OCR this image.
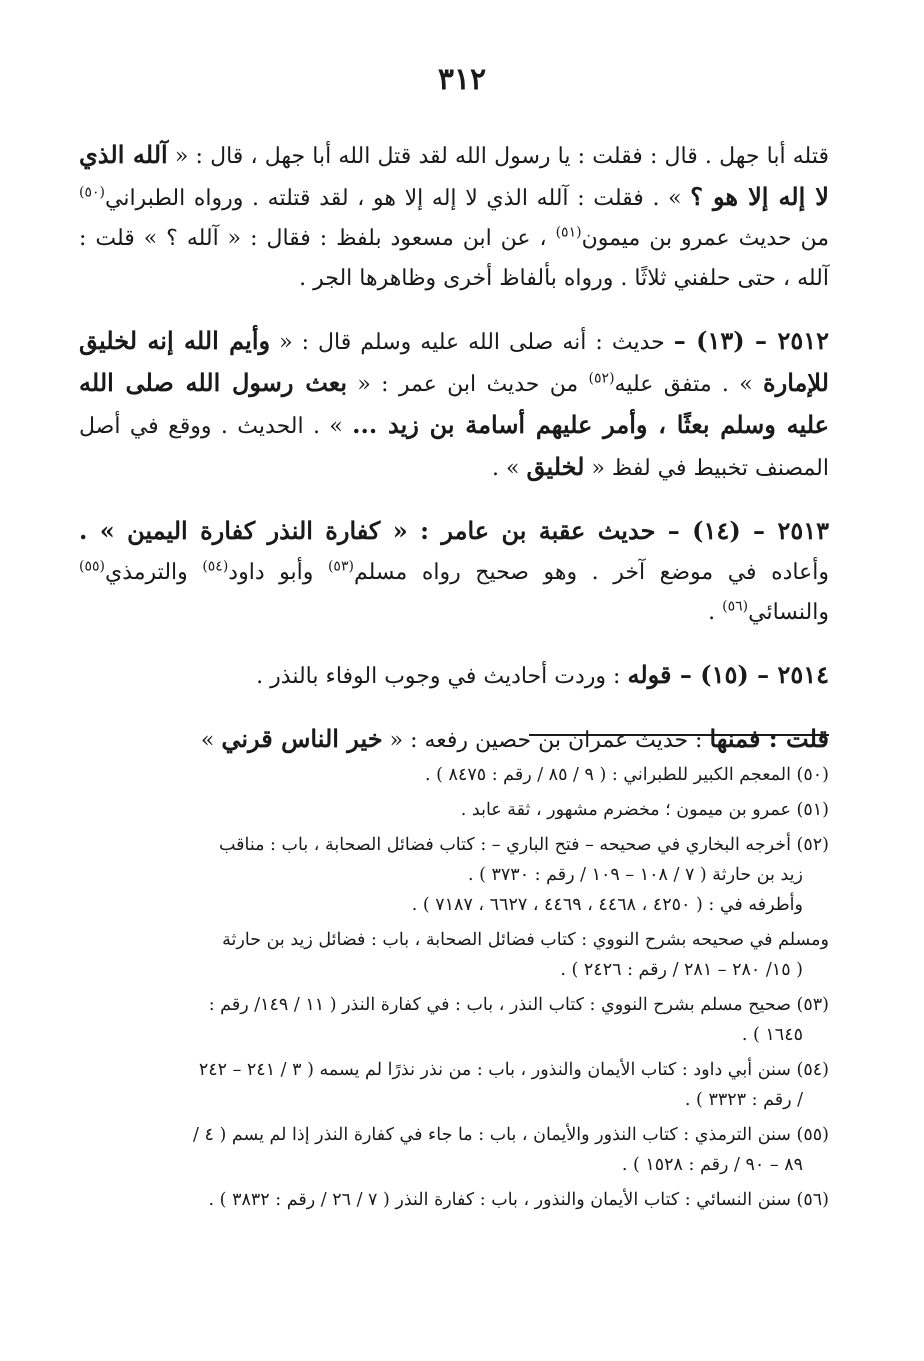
٣١٢

قتله أبا جهل . قال : فقلت : يا رسول الله لقد قتل الله أبا جهل ، قال : « آلله الذي لا إله إلا هو ؟ » . فقلت : آلله الذي لا إله إلا هو ، لقد قتلته . ورواه الطبراني$^{(٥٠)}$ من حديث عمرو بن ميمون$^{(٥١)}$ ، عن ابن مسعود بلفظ : فقال : « آلله ؟ » قلت : آلله ، حتى حلفني ثلاثًا . ورواه بألفاظ أخرى وظاهرها الجر .

٢٥١٢ – (١٣) – حديث : أنه صلى الله عليه وسلم قال : « وأيم الله إنه لخليق للإمارة » . متفق عليه$^{(٥٢)}$ من حديث ابن عمر : « بعث رسول الله صلى الله عليه وسلم بعثًا ، وأمر عليهم أسامة بن زيد ... » . الحديث . ووقع في أصل المصنف تخبيط في لفظ « لخليق » .

٢٥١٣ – (١٤) – حديث عقبة بن عامر : « كفارة النذر كفارة اليمين » . وأعاده في موضع آخر . وهو صحيح رواه مسلم$^{(٥٣)}$ وأبو داود$^{(٥٤)}$ والترمذي$^{(٥٥)}$ والنسائي$^{(٥٦)}$ .

٢٥١٤ – (١٥) – قوله : وردت أحاديث في وجوب الوفاء بالنذر .

قلت : فمنها : حديث عمران بن حصين رفعه : « خير الناس قرني »

(٥٠) المعجم الكبير للطبراني : ( ٩ / ٨٥ / رقم : ٨٤٧٥ ) .
(٥١) عمرو بن ميمون ؛ مخضرم مشهور ، ثقة عابد .
(٥٢) أخرجه البخاري في صحيحه – فتح الباري – : كتاب فضائل الصحابة ، باب : مناقب
زيد بن حارثة ( ٧ / ١٠٨ – ١٠٩ / رقم : ٣٧٣٠ ) .
وأطرفه في : ( ٤٢٥٠ ، ٤٤٦٨ ، ٤٤٦٩ ، ٦٦٢٧ ، ٧١٨٧ ) .
ومسلم في صحيحه بشرح النووي : كتاب فضائل الصحابة ، باب : فضائل زيد بن حارثة
( ١٥/ ٢٨٠ – ٢٨١ / رقم : ٢٤٢٦ ) .
(٥٣) صحيح مسلم بشرح النووي : كتاب النذر ، باب : في كفارة النذر ( ١١ / ١٤٩/ رقم :
١٦٤٥ ) .
(٥٤) سنن أبي داود : كتاب الأيمان والنذور ، باب : من نذر نذرًا لم يسمه ( ٣ / ٢٤١ – ٢٤٢
/ رقم : ٣٣٢٣ ) .
(٥٥) سنن الترمذي : كتاب النذور والأيمان ، باب : ما جاء في كفارة النذر إذا لم يسم ( ٤ /
٨٩ – ٩٠ / رقم : ١٥٢٨ ) .
(٥٦) سنن النسائي : كتاب الأيمان والنذور ، باب : كفارة النذر ( ٧ / ٢٦ / رقم : ٣٨٣٢ ) .
